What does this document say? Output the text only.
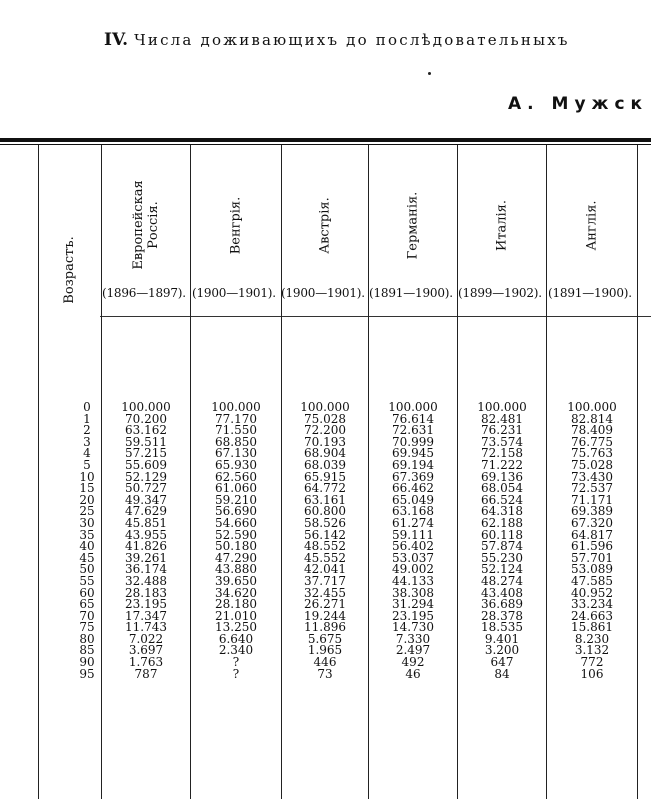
IV. Числа доживающихъ до послѣдовательныхъ
А. Мужск
Возрастъ.
Европейская Россія.
(1896—1897).
Венгрія.
(1900—1901).
Австрія.
(1900—1901).
Германія.
(1891—1900).
Италія.
(1899—1902).
Англія.
(1891—1900).
0
1
2
3
4
5
10
15
20
25
30
35
40
45
50
55
60
65
70
75
80
85
90
95
100.000
70.200
63.162
59.511
57.215
55.609
52.129
50.727
49.347
47.629
45.851
43.955
41.826
39.261
36.174
32.488
28.183
23.195
17.347
11.743
7.022
3.697
1.763
787
100.000
77.170
71.550
68.850
67.130
65.930
62.560
61.060
59.210
56.690
54.660
52.590
50.180
47.290
43.880
39.650
34.620
28.180
21.010
13.250
6.640
2.340
?
?
100.000
75.028
72.200
70.193
68.904
68.039
65.915
64.772
63.161
60.800
58.526
56.142
48.552
45.552
42.041
37.717
32.455
26.271
19.244
11.896
5.675
1.965
446
73
100.000
76.614
72.631
70.999
69.945
69.194
67.369
66.462
65.049
63.168
61.274
59.111
56.402
53.037
49.002
44.133
38.308
31.294
23.195
14.730
7.330
2.497
492
46
100.000
82.481
76.231
73.574
72.158
71.222
69.136
68.054
66.524
64.318
62.188
60.118
57.874
55.230
52.124
48.274
43.408
36.689
28.378
18.535
9.401
3.200
647
84
100.000
82.814
78.409
76.775
75.763
75.028
73.430
72.537
71.171
69.389
67.320
64.817
61.596
57.701
53.089
47.585
40.952
33.234
24.663
15.861
8.230
3.132
772
106
